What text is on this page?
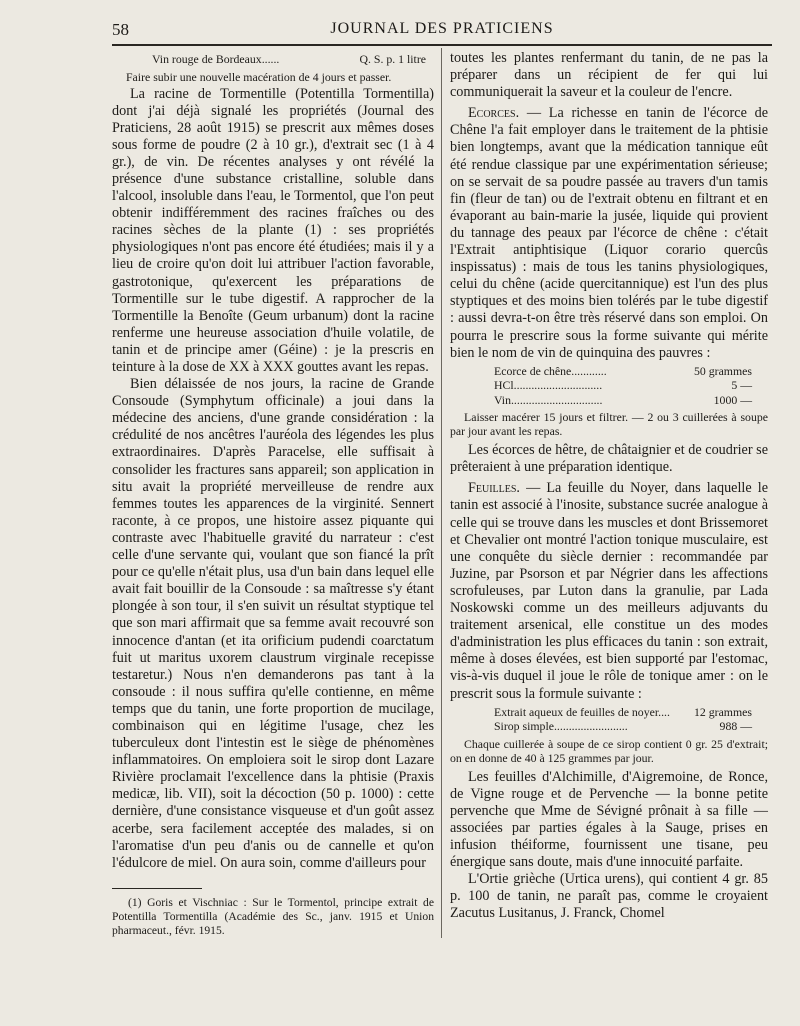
58	JOURNAL DES PRATICIENS
Vin rouge de Bordeaux......	Q. S. p. 1 litre

Faire subir une nouvelle macération de 4 jours et passer.

La racine de Tormentille (Potentilla Tormentilla) dont j'ai déjà signalé les propriétés (Journal des Praticiens, 28 août 1915) se prescrit aux mêmes doses sous forme de poudre (2 à 10 gr.), d'extrait sec (1 à 4 gr.), de vin. De récentes analyses y ont révélé la présence d'une substance cristalline, soluble dans l'alcool, insoluble dans l'eau, le Tormentol, que l'on peut obtenir indifféremment des racines fraîches ou des racines sèches de la plante (1) : ses propriétés physiologiques n'ont pas encore été étudiées; mais il y a lieu de croire qu'on doit lui attribuer l'action favorable, gastrotonique, qu'exercent les préparations de Tormentille sur le tube digestif. A rapprocher de la Tormentille la Benoîte (Geum urbanum) dont la racine renferme une heureuse association d'huile volatile, de tanin et de principe amer (Géine) : je la prescris en teinture à la dose de XX à XXX gouttes avant les repas.

Bien délaissée de nos jours, la racine de Grande Consoude (Symphytum officinale) a joui dans la médecine des anciens, d'une grande considération : la crédulité de nos ancêtres l'auréola des légendes les plus extraordinaires. D'après Paracelse, elle suffisait à consolider les fractures sans appareil; son application in situ avait la propriété merveilleuse de rendre aux femmes toutes les apparences de la virginité. Sennert raconte, à ce propos, une histoire assez piquante qui contraste avec l'habituelle gravité du narrateur : c'est celle d'une servante qui, voulant que son fiancé la prît pour ce qu'elle n'était plus, usa d'un bain dans lequel elle avait fait bouillir de la Consoude : sa maîtresse s'y étant plongée à son tour, il s'en suivit un résultat styptique tel que son mari affirmait que sa femme avait recouvré son innocence d'antan (et ita orificium pudendi coarctatum fuit ut maritus uxorem claustrum virginale recepisse testaretur.) Nous n'en demanderons pas tant à la consoude : il nous suffira qu'elle contienne, en même temps que du tanin, une forte proportion de mucilage, combinaison qui en légitime l'usage, chez les tuberculeux dont l'intestin est le siège de phénomènes inflammatoires. On emploiera soit le sirop dont Lazare Rivière proclamait l'excellence dans la phtisie (Praxis medicæ, lib. VII), soit la décoction (50 p. 1000) : cette dernière, d'une consistance visqueuse et d'un goût assez acerbe, sera facilement acceptée des malades, si on l'aromatise d'un peu d'anis ou de cannelle et qu'on l'édulcore de miel. On aura soin, comme d'ailleurs pour

(1) Goris et Vischniac : Sur le Tormentol, principe extrait de Potentilla Tormentilla (Académie des Sc., janv. 1915 et Union pharmaceut., févr. 1915.

toutes les plantes renfermant du tanin, de ne pas la préparer dans un récipient de fer qui lui communiquerait la saveur et la couleur de l'encre.

Ecorces. — La richesse en tanin de l'écorce de Chêne l'a fait employer dans le traitement de la phtisie bien longtemps, avant que la médication tannique eût été rendue classique par une expérimentation sérieuse; on se servait de sa poudre passée au travers d'un tamis fin (fleur de tan) ou de l'extrait obtenu en filtrant et en évaporant au bain-marie la jusée, liquide qui provient du tannage des peaux par l'écorce de chêne : c'était l'Extrait antiphtisique (Liquor corario quercûs inspissatus) : mais de tous les tanins physiologiques, celui du chêne (acide quercitannique) est l'un des plus styptiques et des moins bien tolérés par le tube digestif : aussi devra-t-on être très réservé dans son emploi. On pourra le prescrire sous la forme suivante qui mérite bien le nom de vin de quinquina des pauvres :

Ecorce de chêne............	50 grammes
HCl..............................	5 —
Vin...............................	1000 —

Laisser macérer 15 jours et filtrer. — 2 ou 3 cuillerées à soupe par jour avant les repas.

Les écorces de hêtre, de châtaignier et de coudrier se prêteraient à une préparation identique.

Feuilles. — La feuille du Noyer, dans laquelle le tanin est associé à l'inosite, substance sucrée analogue à celle qui se trouve dans les muscles et dont Brissemoret et Chevalier ont montré l'action tonique musculaire, est une conquête du siècle dernier : recommandée par Juzine, par Psorson et par Négrier dans les affections scrofuleuses, par Luton dans la granulie, par Lada Noskowski comme un des meilleurs adjuvants du traitement arsenical, elle constitue un des modes d'administration les plus efficaces du tanin : son extrait, même à doses élevées, est bien supporté par l'estomac, vis-à-vis duquel il joue le rôle de tonique amer : on le prescrit sous la formule suivante :

Extrait aqueux de feuilles de noyer....	12 grammes
Sirop simple.........................	988 —

Chaque cuillerée à soupe de ce sirop contient 0 gr. 25 d'extrait; on en donne de 40 à 125 grammes par jour.

Les feuilles d'Alchimille, d'Aigremoine, de Ronce, de Vigne rouge et de Pervenche — la bonne petite pervenche que Mme de Sévigné prônait à sa fille — associées par parties égales à la Sauge, prises en infusion théiforme, fournissent une tisane, peu énergique sans doute, mais d'une innocuité parfaite.

L'Ortie grièche (Urtica urens), qui contient 4 gr. 85 p. 100 de tanin, ne paraît pas, comme le croyaient Zacutus Lusitanus, J. Franck, Chomel
